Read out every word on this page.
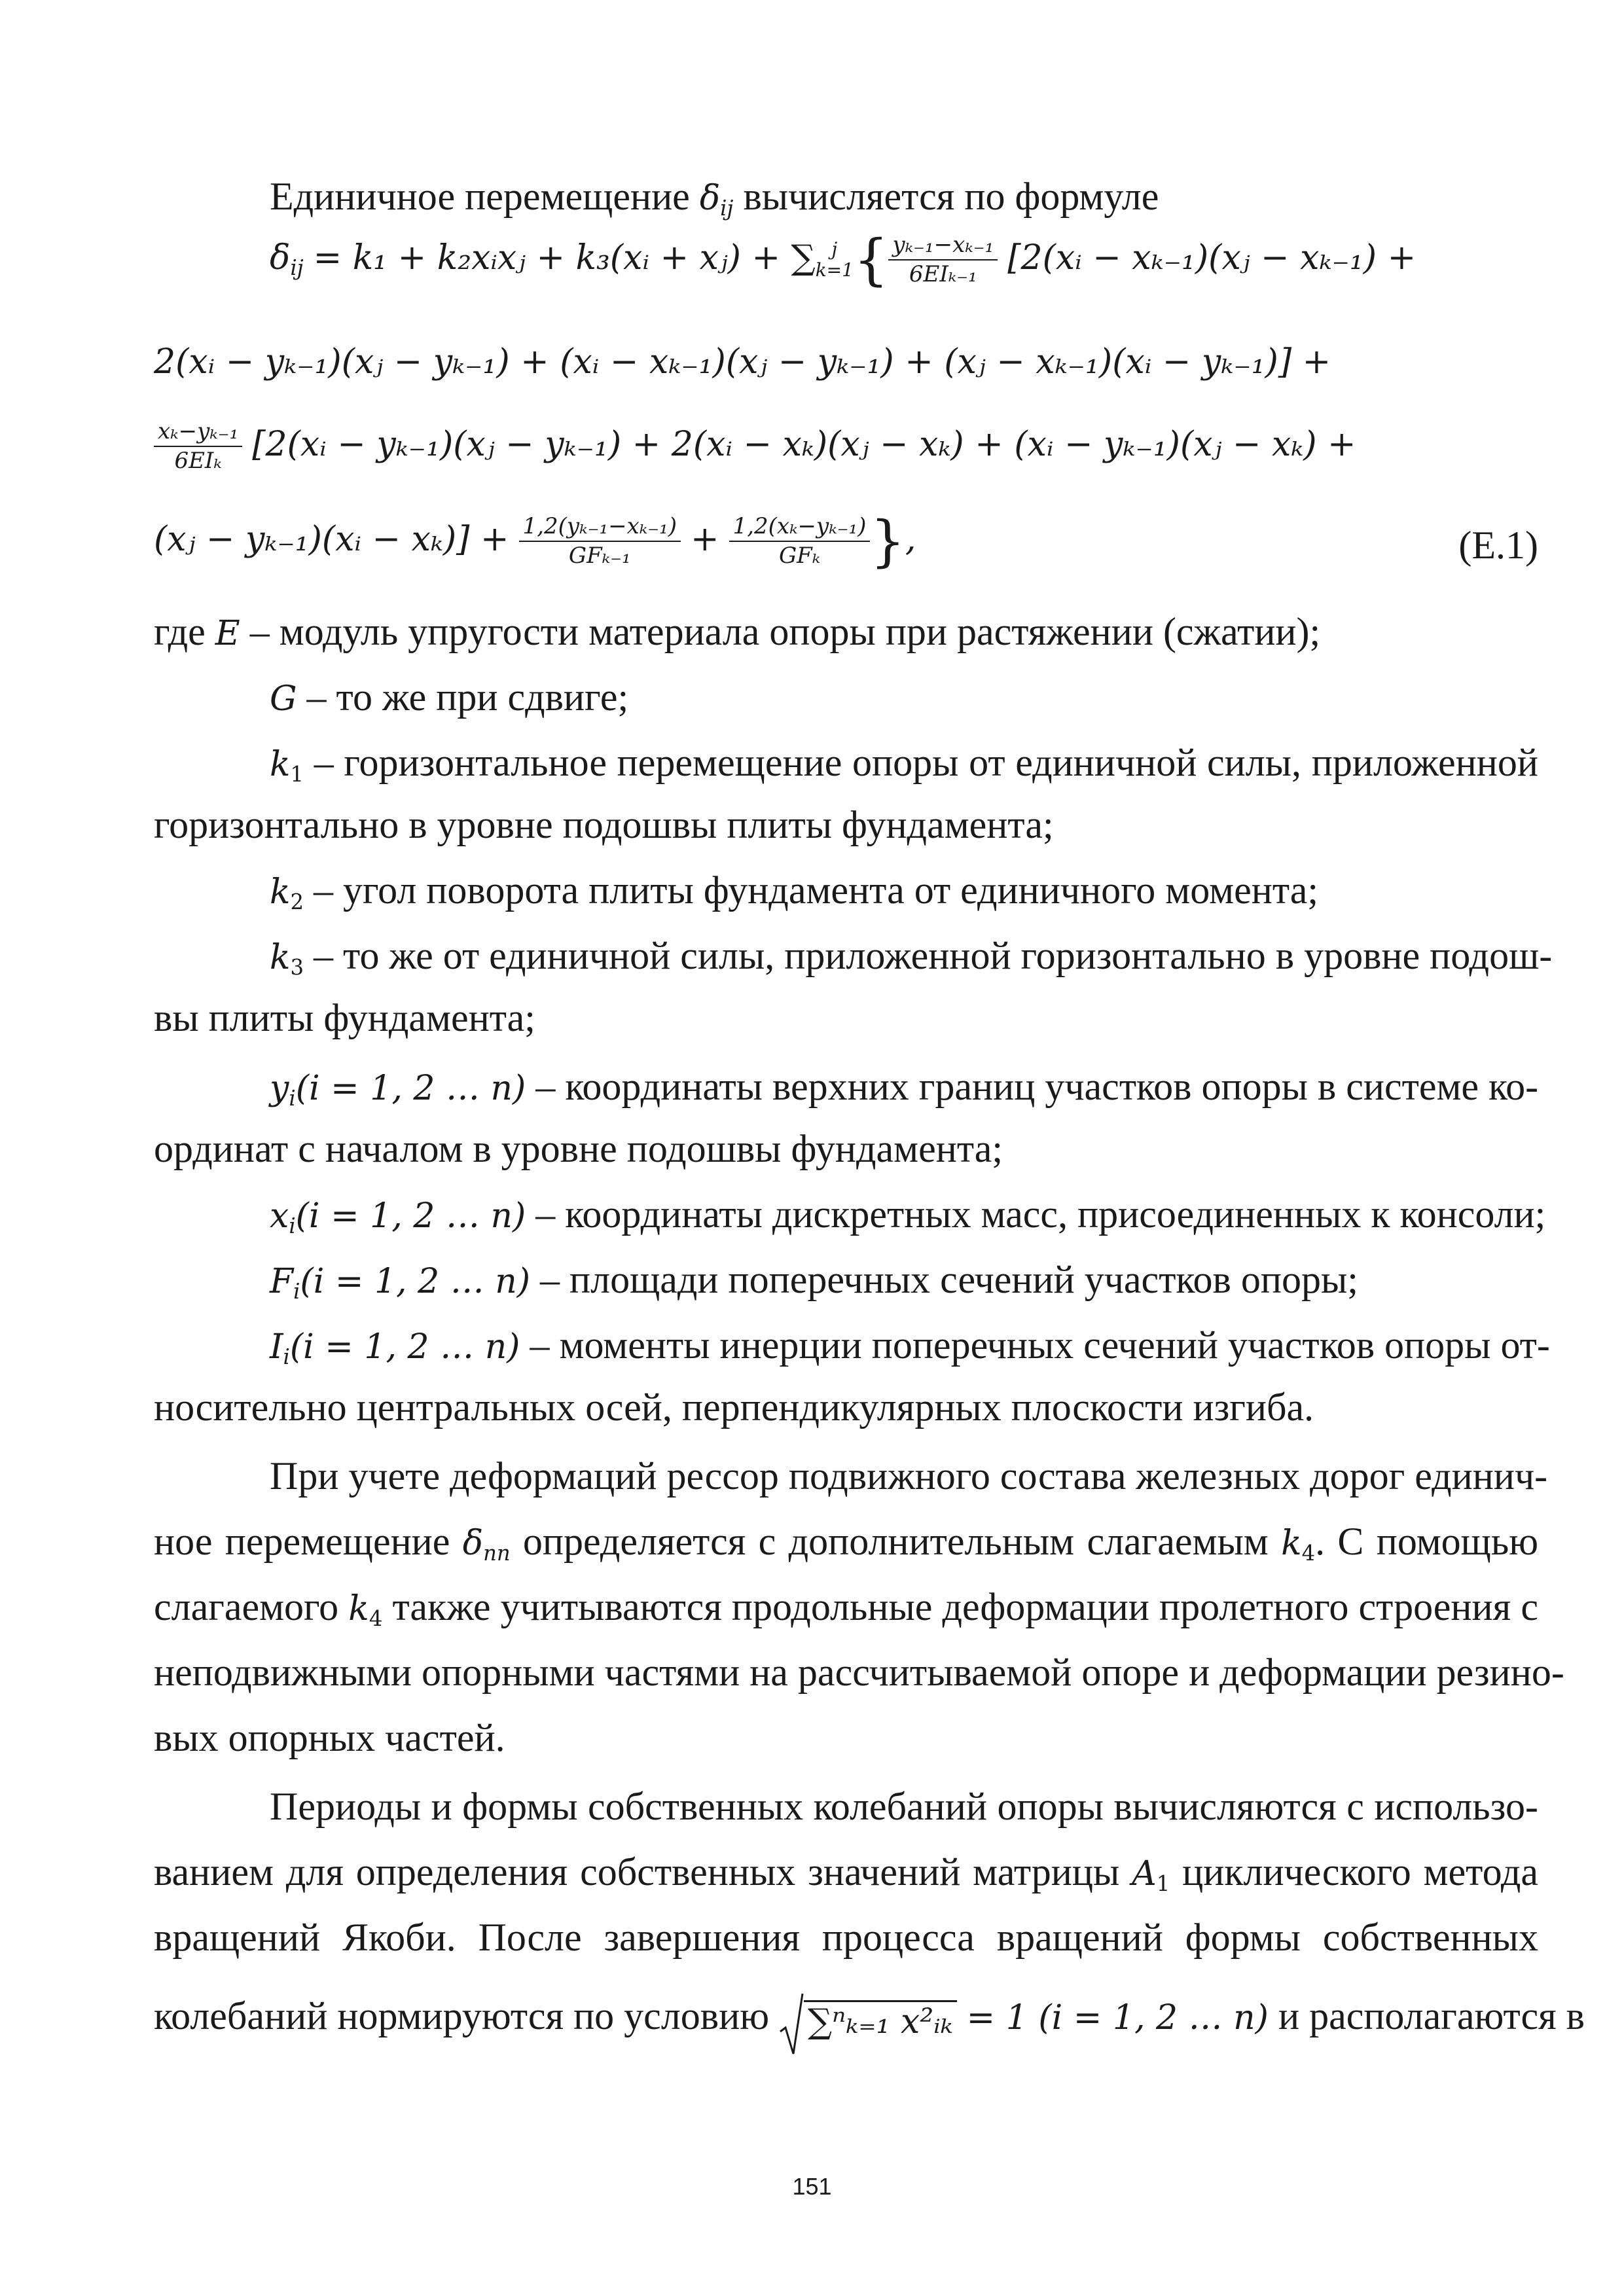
Единичное перемещение $\delta_{ij}$ вычисляется по формуле
$\delta_{ij} = k_1$ + k₂xᵢxⱼ + k₃(xᵢ + xⱼ) + ∑ j
k=1 { $\frac{\text{yₖ₋₁−xₖ₋₁}}{\text{6EIₖ₋₁}}$ [2(xᵢ − xₖ₋₁)(xⱼ − xₖ₋₁) +
2(xᵢ − yₖ₋₁)(xⱼ − yₖ₋₁) + (xᵢ − xₖ₋₁)(xⱼ − yₖ₋₁) + (xⱼ − xₖ₋₁)(xᵢ − yₖ₋₁)] +
$\frac{\text{xₖ−yₖ₋₁}}{\text{6EIₖ}}$ [2(xᵢ − yₖ₋₁)(xⱼ − yₖ₋₁) + 2(xᵢ − xₖ)(xⱼ − xₖ) + (xᵢ − yₖ₋₁)(xⱼ − xₖ) +
(xⱼ − yₖ₋₁)(xᵢ − $x_k)] + \frac{\text{1,2(yₖ₋₁−xₖ₋₁)}}{\text{GFₖ₋₁}} + \frac{\text{1,2(xₖ−yₖ₋₁)}}{\text{GFₖ}}$ },	(Е.1)
где E – модуль упругости материала опоры при растяжении (сжатии);
G – то же при сдвиге;
$k_1$ – горизонтальное перемещение опоры от единичной силы, приложенной
горизонтально в уровне подошвы плиты фундамента;
$k_2$ – угол поворота плиты фундамента от единичного момента;
$k_3$ – то же от единичной силы, приложенной горизонтально в уровне подош-
вы плиты фундамента;
$y_i(i = 1$, 2 … n) – координаты верхних границ участков опоры в системе ко-
ординат с началом в уровне подошвы фундамента;
$x_i(i = 1$, 2 … n) – координаты дискретных масс, присоединенных к консоли;
$F_i(i = 1$, 2 … n) – площади поперечных сечений участков опоры;
$I_i(i = 1$, 2 … n) – моменты инерции поперечных сечений участков опоры от-
носительно центральных осей, перпендикулярных плоскости изгиба.
При учете деформаций рессор подвижного состава железных дорог единич-
ное перемещение $\delta_{nn}$ определяется с дополнительным слагаемым $k_4$. С помощью
слагаемого $k_4$ также учитываются продольные деформации пролетного строения с
неподвижными опорными частями на рассчитываемой опоре и деформации резино-
вых опорных частей.
Периоды и формы собственных колебаний опоры вычисляются с использо-
ванием для определения собственных значений матрицы $A_1$ циклического метода
вращений Якоби. После завершения процесса вращений формы собственных
колебаний нормируются по условию ∑ⁿₖ₌₁ x²ᵢₖ = 1 (i = 1, 2 … n) и располагаются в
151
